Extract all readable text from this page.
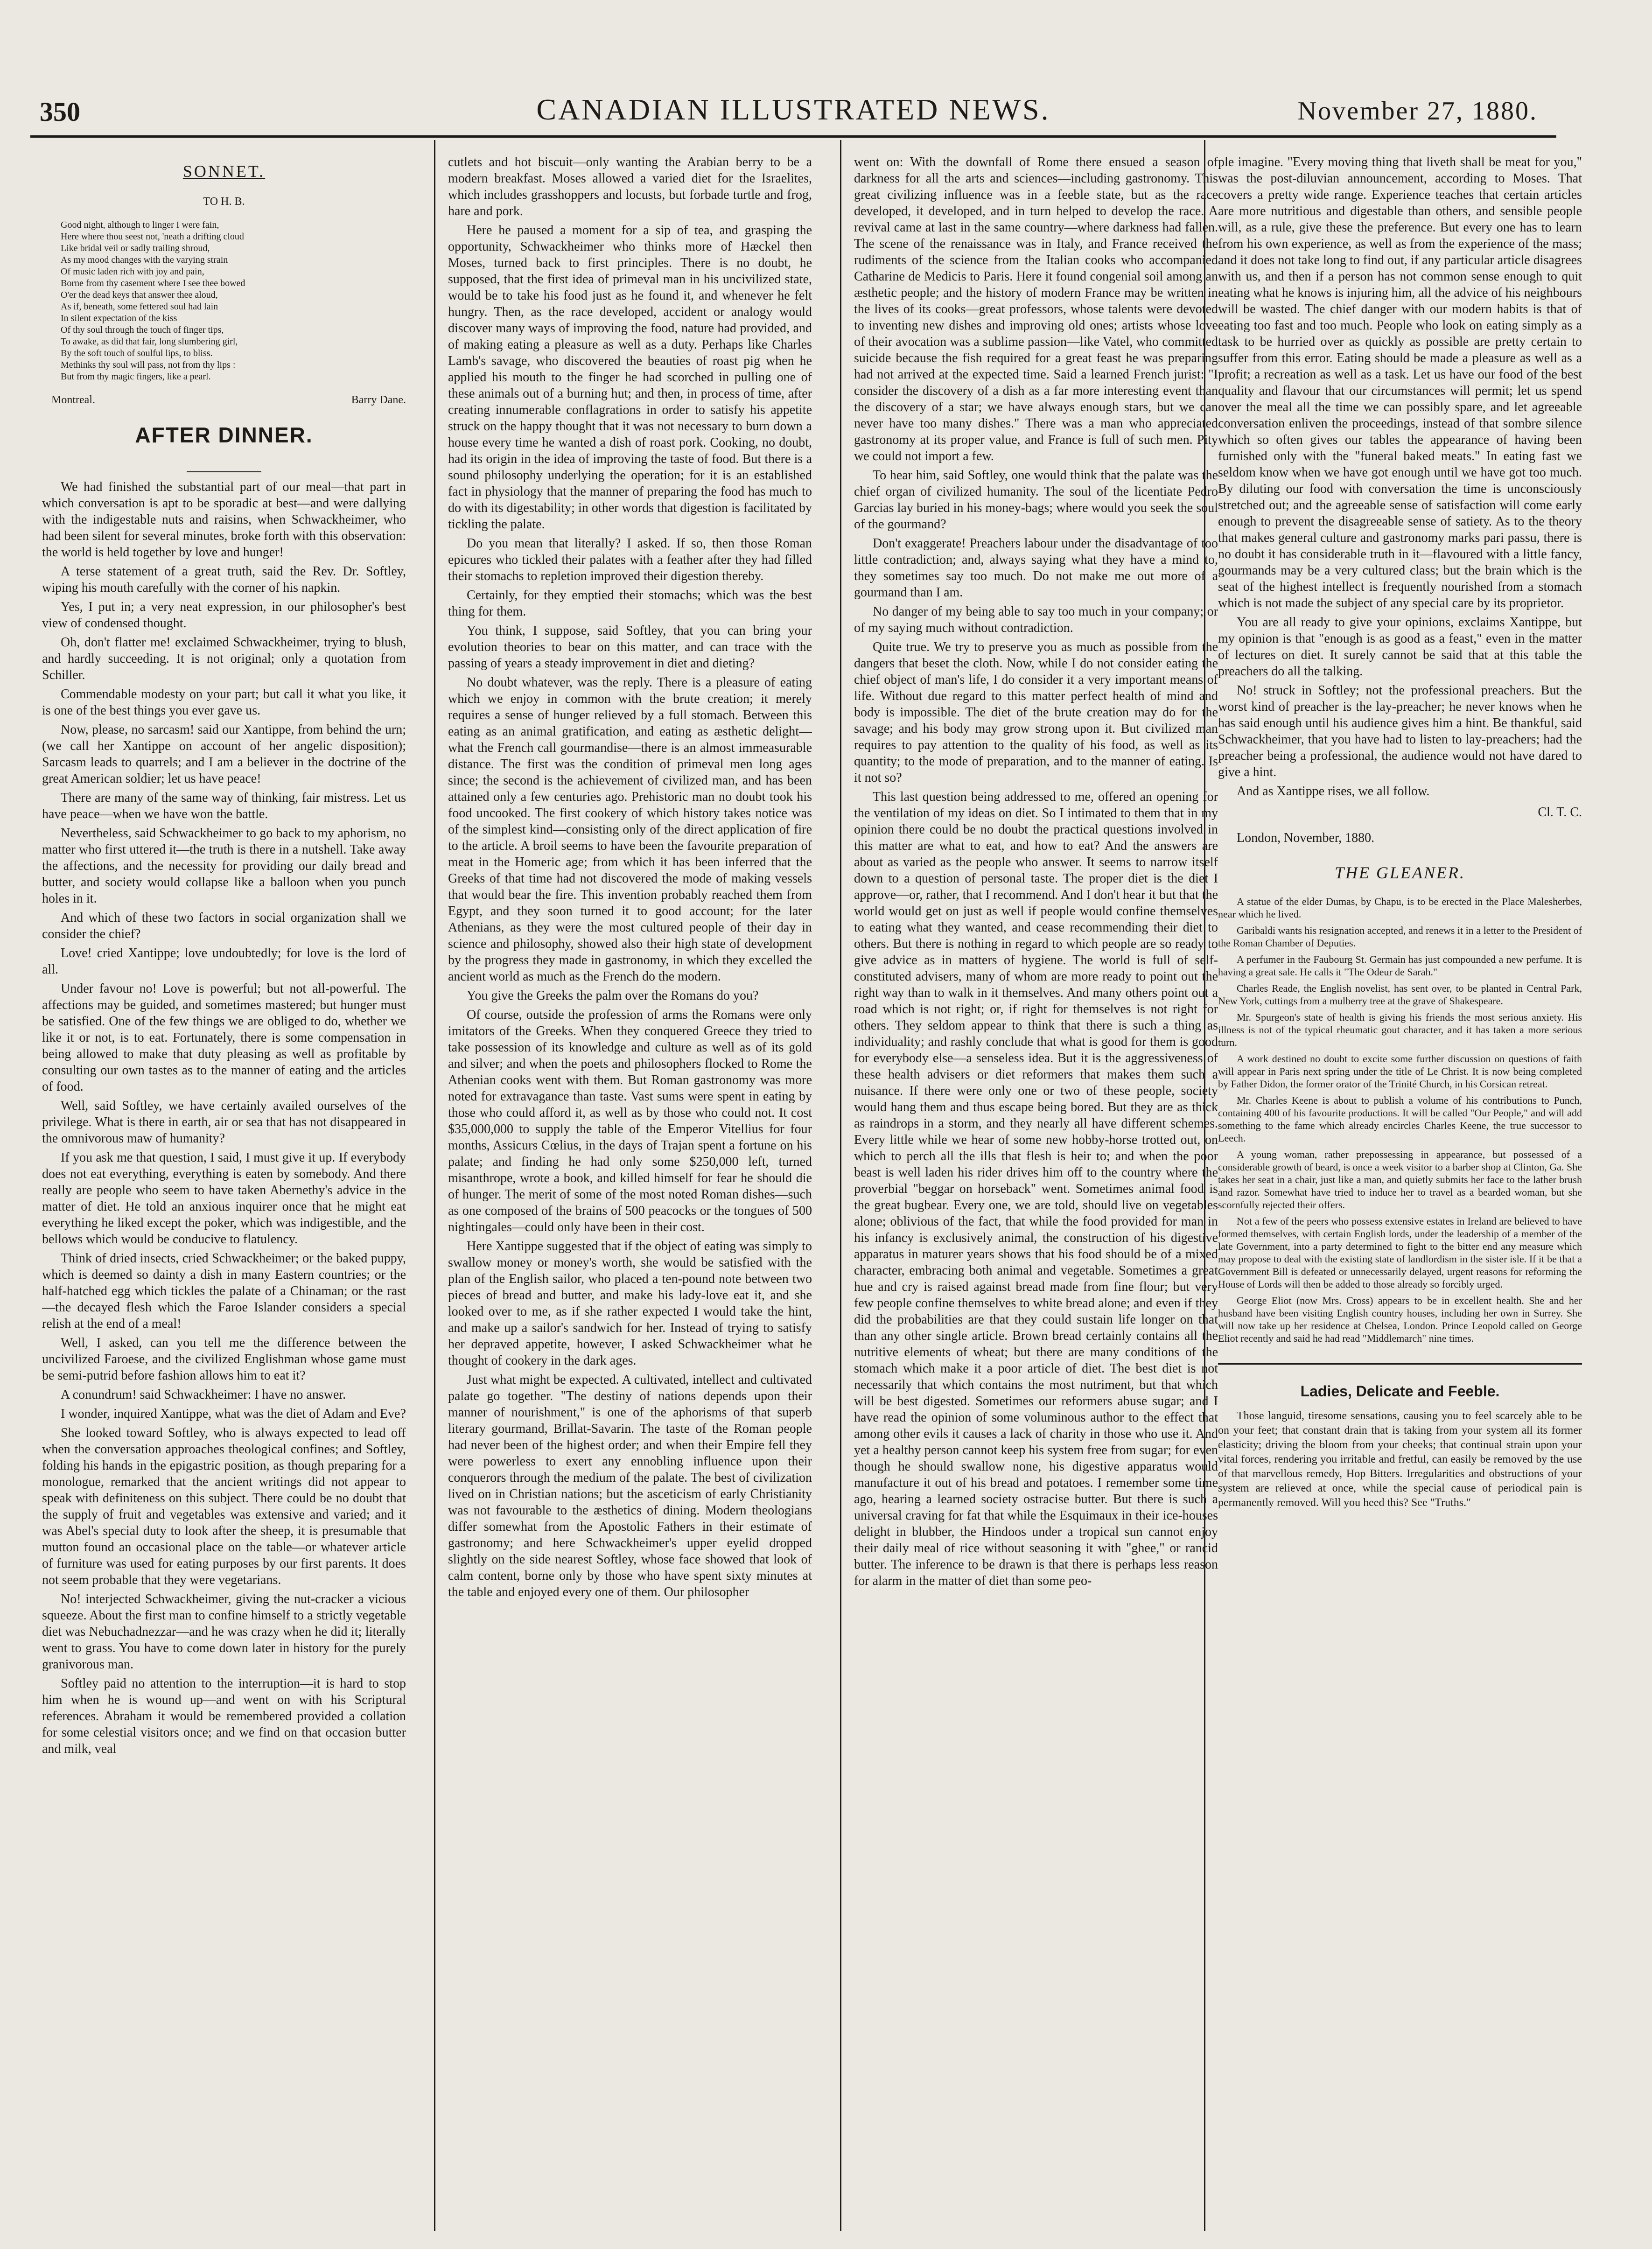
350	CANADIAN ILLUSTRATED NEWS.	November 27, 1880.
SONNET.
TO H. B.
Good night, although to linger I were fain,
Here where thou seest not, 'neath a drifting cloud
Like bridal veil or sadly trailing shroud,
As my mood changes with the varying strain
Of music laden rich with joy and pain,
Borne from thy casement where I see thee bowed
O'er the dead keys that answer thee aloud,
As if, beneath, some fettered soul had lain
In silent expectation of the kiss
Of thy soul through the touch of finger tips,
To awake, as did that fair, long slumbering girl,
By the soft touch of soulful lips, to bliss.
Methinks thy soul will pass, not from thy lips :
But from thy magic fingers, like a pearl.
Montreal.	Barry Dane.
AFTER DINNER.

We had finished the substantial part of our meal—that part in which conversation is apt to be sporadic at best—and were dallying with the indigestable nuts and raisins, when Schwackheimer, who had been silent for several minutes, broke forth with this observation: the world is held together by love and hunger!

A terse statement of a great truth, said the Rev. Dr. Softley, wiping his mouth carefully with the corner of his napkin.

Yes, I put in; a very neat expression, in our philosopher's best view of condensed thought.

Oh, don't flatter me! exclaimed Schwackheimer, trying to blush, and hardly succeeding. It is not original; only a quotation from Schiller.

Commendable modesty on your part; but call it what you like, it is one of the best things you ever gave us.

Now, please, no sarcasm! said our Xantippe, from behind the urn; (we call her Xantippe on account of her angelic disposition); Sarcasm leads to quarrels; and I am a believer in the doctrine of the great American soldier; let us have peace!

There are many of the same way of thinking, fair mistress. Let us have peace—when we have won the battle.

Nevertheless, said Schwackheimer to go back to my aphorism, no matter who first uttered it—the truth is there in a nutshell. Take away the affections, and the necessity for providing our daily bread and butter, and society would collapse like a balloon when you punch holes in it.

And which of these two factors in social organization shall we consider the chief?

Love! cried Xantippe; love undoubtedly; for love is the lord of all.

Under favour no! Love is powerful; but not all-powerful. The affections may be guided, and sometimes mastered; but hunger must be satisfied. One of the few things we are obliged to do, whether we like it or not, is to eat. Fortunately, there is some compensation in being allowed to make that duty pleasing as well as profitable by consulting our own tastes as to the manner of eating and the articles of food.

Well, said Softley, we have certainly availed ourselves of the privilege. What is there in earth, air or sea that has not disappeared in the omnivorous maw of humanity?

If you ask me that question, I said, I must give it up. If everybody does not eat everything, everything is eaten by somebody. And there really are people who seem to have taken Abernethy's advice in the matter of diet. He told an anxious inquirer once that he might eat everything he liked except the poker, which was indigestible, and the bellows which would be conducive to flatulency.

Think of dried insects, cried Schwackheimer; or the baked puppy, which is deemed so dainty a dish in many Eastern countries; or the half-hatched egg which tickles the palate of a Chinaman; or the rast—the decayed flesh which the Faroe Islander considers a special relish at the end of a meal!

Well, I asked, can you tell me the difference between the uncivilized Faroese, and the civilized Englishman whose game must be semi-putrid before fashion allows him to eat it?

A conundrum! said Schwackheimer: I have no answer.

I wonder, inquired Xantippe, what was the diet of Adam and Eve?

She looked toward Softley, who is always expected to lead off when the conversation approaches theological confines; and Softley, folding his hands in the epigastric position, as though preparing for a monologue, remarked that the ancient writings did not appear to speak with definiteness on this subject. There could be no doubt that the supply of fruit and vegetables was extensive and varied; and it was Abel's special duty to look after the sheep, it is presumable that mutton found an occasional place on the table—or whatever article of furniture was used for eating purposes by our first parents. It does not seem probable that they were vegetarians.

No! interjected Schwackheimer, giving the nut-cracker a vicious squeeze. About the first man to confine himself to a strictly vegetable diet was Nebuchadnezzar—and he was crazy when he did it; literally went to grass. You have to come down later in history for the purely granivorous man.

Softley paid no attention to the interruption—it is hard to stop him when he is wound up—and went on with his Scriptural references. Abraham it would be remembered provided a collation for some celestial visitors once; and we find on that occasion butter and milk, veal

cutlets and hot biscuit—only wanting the Arabian berry to be a modern breakfast. Moses allowed a varied diet for the Israelites, which includes grasshoppers and locusts, but forbade turtle and frog, hare and pork.

Here he paused a moment for a sip of tea, and grasping the opportunity, Schwackheimer who thinks more of Hæckel then Moses, turned back to first principles. There is no doubt, he supposed, that the first idea of primeval man in his uncivilized state, would be to take his food just as he found it, and whenever he felt hungry. Then, as the race developed, accident or analogy would discover many ways of improving the food, nature had provided, and of making eating a pleasure as well as a duty. Perhaps like Charles Lamb's savage, who discovered the beauties of roast pig when he applied his mouth to the finger he had scorched in pulling one of these animals out of a burning hut; and then, in process of time, after creating innumerable conflagrations in order to satisfy his appetite struck on the happy thought that it was not necessary to burn down a house every time he wanted a dish of roast pork. Cooking, no doubt, had its origin in the idea of improving the taste of food. But there is a sound philosophy underlying the operation; for it is an established fact in physiology that the manner of preparing the food has much to do with its digestability; in other words that digestion is facilitated by tickling the palate.

Do you mean that literally? I asked. If so, then those Roman epicures who tickled their palates with a feather after they had filled their stomachs to repletion improved their digestion thereby.

Certainly, for they emptied their stomachs; which was the best thing for them.

You think, I suppose, said Softley, that you can bring your evolution theories to bear on this matter, and can trace with the passing of years a steady improvement in diet and dieting?

No doubt whatever, was the reply. There is a pleasure of eating which we enjoy in common with the brute creation; it merely requires a sense of hunger relieved by a full stomach. Between this eating as an animal gratification, and eating as æsthetic delight—what the French call gourmandise—there is an almost immeasurable distance. The first was the condition of primeval men long ages since; the second is the achievement of civilized man, and has been attained only a few centuries ago. Prehistoric man no doubt took his food uncooked. The first cookery of which history takes notice was of the simplest kind—consisting only of the direct application of fire to the article. A broil seems to have been the favourite preparation of meat in the Homeric age; from which it has been inferred that the Greeks of that time had not discovered the mode of making vessels that would bear the fire. This invention probably reached them from Egypt, and they soon turned it to good account; for the later Athenians, as they were the most cultured people of their day in science and philosophy, showed also their high state of development by the progress they made in gastronomy, in which they excelled the ancient world as much as the French do the modern.

You give the Greeks the palm over the Romans do you?

Of course, outside the profession of arms the Romans were only imitators of the Greeks. When they conquered Greece they tried to take possession of its knowledge and culture as well as of its gold and silver; and when the poets and philosophers flocked to Rome the Athenian cooks went with them. But Roman gastronomy was more noted for extravagance than taste. Vast sums were spent in eating by those who could afford it, as well as by those who could not. It cost $35,000,000 to supply the table of the Emperor Vitellius for four months, Assicurs Cœlius, in the days of Trajan spent a fortune on his palate; and finding he had only some $250,000 left, turned misanthrope, wrote a book, and killed himself for fear he should die of hunger. The merit of some of the most noted Roman dishes—such as one composed of the brains of 500 peacocks or the tongues of 500 nightingales—could only have been in their cost.

Here Xantippe suggested that if the object of eating was simply to swallow money or money's worth, she would be satisfied with the plan of the English sailor, who placed a ten-pound note between two pieces of bread and butter, and make his lady-love eat it, and she looked over to me, as if she rather expected I would take the hint, and make up a sailor's sandwich for her. Instead of trying to satisfy her depraved appetite, however, I asked Schwackheimer what he thought of cookery in the dark ages.

Just what might be expected. A cultivated, intellect and cultivated palate go together. "The destiny of nations depends upon their manner of nourishment," is one of the aphorisms of that superb literary gourmand, Brillat-Savarin. The taste of the Roman people had never been of the highest order; and when their Empire fell they were powerless to exert any ennobling influence upon their conquerors through the medium of the palate. The best of civilization lived on in Christian nations; but the asceticism of early Christianity was not favourable to the æsthetics of dining. Modern theologians differ somewhat from the Apostolic Fathers in their estimate of gastronomy; and here Schwackheimer's upper eyelid dropped slightly on the side nearest Softley, whose face showed that look of calm content, borne only by those who have spent sixty minutes at the table and enjoyed every one of them. Our philosopher

went on: With the downfall of Rome there ensued a season of darkness for all the arts and sciences—including gastronomy. This great civilizing influence was in a feeble state, but as the race developed, it developed, and in turn helped to develop the race. A revival came at last in the same country—where darkness had fallen. The scene of the renaissance was in Italy, and France received the rudiments of the science from the Italian cooks who accompanied Catharine de Medicis to Paris. Here it found congenial soil among an æsthetic people; and the history of modern France may be written in the lives of its cooks—great professors, whose talents were devoted to inventing new dishes and improving old ones; artists whose love of their avocation was a sublime passion—like Vatel, who committed suicide because the fish required for a great feast he was preparing had not arrived at the expected time. Said a learned French jurist: "I consider the discovery of a dish as a far more interesting event than the discovery of a star; we have always enough stars, but we can never have too many dishes." There was a man who appreciated gastronomy at its proper value, and France is full of such men. Pity we could not import a few.

To hear him, said Softley, one would think that the palate was the chief organ of civilized humanity. The soul of the licentiate Pedro Garcias lay buried in his money-bags; where would you seek the soul of the gourmand?

Don't exaggerate! Preachers labour under the disadvantage of too little contradiction; and, always saying what they have a mind to, they sometimes say too much. Do not make me out more of a gourmand than I am.

No danger of my being able to say too much in your company; or of my saying much without contradiction.

Quite true. We try to preserve you as much as possible from the dangers that beset the cloth. Now, while I do not consider eating the chief object of man's life, I do consider it a very important means of life. Without due regard to this matter perfect health of mind and body is impossible. The diet of the brute creation may do for the savage; and his body may grow strong upon it. But civilized man requires to pay attention to the quality of his food, as well as its quantity; to the mode of preparation, and to the manner of eating. Is it not so?

This last question being addressed to me, offered an opening for the ventilation of my ideas on diet. So I intimated to them that in my opinion there could be no doubt the practical questions involved in this matter are what to eat, and how to eat? And the answers are about as varied as the people who answer. It seems to narrow itself down to a question of personal taste. The proper diet is the diet I approve—or, rather, that I recommend. And I don't hear it but that the world would get on just as well if people would confine themselves to eating what they wanted, and cease recommending their diet to others. But there is nothing in regard to which people are so ready to give advice as in matters of hygiene. The world is full of self-constituted advisers, many of whom are more ready to point out the right way than to walk in it themselves. And many others point out a road which is not right; or, if right for themselves is not right for others. They seldom appear to think that there is such a thing as individuality; and rashly conclude that what is good for them is good for everybody else—a senseless idea. But it is the aggressiveness of these health advisers or diet reformers that makes them such a nuisance. If there were only one or two of these people, society would hang them and thus escape being bored. But they are as thick as raindrops in a storm, and they nearly all have different schemes. Every little while we hear of some new hobby-horse trotted out, on which to perch all the ills that flesh is heir to; and when the poor beast is well laden his rider drives him off to the country where the proverbial "beggar on horseback" went. Sometimes animal food is the great bugbear. Every one, we are told, should live on vegetables alone; oblivious of the fact, that while the food provided for man in his infancy is exclusively animal, the construction of his digestive apparatus in maturer years shows that his food should be of a mixed character, embracing both animal and vegetable. Sometimes a great hue and cry is raised against bread made from fine flour; but very few people confine themselves to white bread alone; and even if they did the probabilities are that they could sustain life longer on that than any other single article. Brown bread certainly contains all the nutritive elements of wheat; but there are many conditions of the stomach which make it a poor article of diet. The best diet is not necessarily that which contains the most nutriment, but that which will be best digested. Sometimes our reformers abuse sugar; and I have read the opinion of some voluminous author to the effect that among other evils it causes a lack of charity in those who use it. And yet a healthy person cannot keep his system free from sugar; for even though he should swallow none, his digestive apparatus would manufacture it out of his bread and potatoes. I remember some time ago, hearing a learned society ostracise butter. But there is such a universal craving for fat that while the Esquimaux in their ice-houses delight in blubber, the Hindoos under a tropical sun cannot enjoy their daily meal of rice without seasoning it with "ghee," or rancid butter. The inference to be drawn is that there is perhaps less reason for alarm in the matter of diet than some peo-

ple imagine. "Every moving thing that liveth shall be meat for you," was the post-diluvian announcement, according to Moses. That covers a pretty wide range. Experience teaches that certain articles are more nutritious and digestable than others, and sensible people will, as a rule, give these the preference. But every one has to learn from his own experience, as well as from the experience of the mass; and it does not take long to find out, if any particular article disagrees with us, and then if a person has not common sense enough to quit eating what he knows is injuring him, all the advice of his neighbours will be wasted. The chief danger with our modern habits is that of eating too fast and too much. People who look on eating simply as a task to be hurried over as quickly as possible are pretty certain to suffer from this error. Eating should be made a pleasure as well as a profit; a recreation as well as a task. Let us have our food of the best quality and flavour that our circumstances will permit; let us spend over the meal all the time we can possibly spare, and let agreeable conversation enliven the proceedings, instead of that sombre silence which so often gives our tables the appearance of having been furnished only with the "funeral baked meats." In eating fast we seldom know when we have got enough until we have got too much. By diluting our food with conversation the time is unconsciously stretched out; and the agreeable sense of satisfaction will come early enough to prevent the disagreeable sense of satiety. As to the theory that makes general culture and gastronomy marks pari passu, there is no doubt it has considerable truth in it—flavoured with a little fancy, gourmands may be a very cultured class; but the brain which is the seat of the highest intellect is frequently nourished from a stomach which is not made the subject of any special care by its proprietor.

You are all ready to give your opinions, exclaims Xantippe, but my opinion is that "enough is as good as a feast," even in the matter of lectures on diet. It surely cannot be said that at this table the preachers do all the talking.

No! struck in Softley; not the professional preachers. But the worst kind of preacher is the lay-preacher; he never knows when he has said enough until his audience gives him a hint. Be thankful, said Schwackheimer, that you have had to listen to lay-preachers; had the preacher being a professional, the audience would not have dared to give a hint.

And as Xantippe rises, we all follow.

Cl. T. C.
London, November, 1880.
THE GLEANER.

A statue of the elder Dumas, by Chapu, is to be erected in the Place Malesherbes, near which he lived.

Garibaldi wants his resignation accepted, and renews it in a letter to the President of the Roman Chamber of Deputies.

A perfumer in the Faubourg St. Germain has just compounded a new perfume. It is having a great sale. He calls it "The Odeur de Sarah."

Charles Reade, the English novelist, has sent over, to be planted in Central Park, New York, cuttings from a mulberry tree at the grave of Shakespeare.

Mr. Spurgeon's state of health is giving his friends the most serious anxiety. His illness is not of the typical rheumatic gout character, and it has taken a more serious turn.

A work destined no doubt to excite some further discussion on questions of faith will appear in Paris next spring under the title of Le Christ. It is now being completed by Father Didon, the former orator of the Trinité Church, in his Corsican retreat.

Mr. Charles Keene is about to publish a volume of his contributions to Punch, containing 400 of his favourite productions. It will be called "Our People," and will add something to the fame which already encircles Charles Keene, the true successor to Leech.

A young woman, rather prepossessing in appearance, but possessed of a considerable growth of beard, is once a week visitor to a barber shop at Clinton, Ga. She takes her seat in a chair, just like a man, and quietly submits her face to the lather brush and razor. Somewhat have tried to induce her to travel as a bearded woman, but she scornfully rejected their offers.

Not a few of the peers who possess extensive estates in Ireland are believed to have formed themselves, with certain English lords, under the leadership of a member of the late Government, into a party determined to fight to the bitter end any measure which may propose to deal with the existing state of landlordism in the sister isle. If it be that a Government Bill is defeated or unnecessarily delayed, urgent reasons for reforming the House of Lords will then be added to those already so forcibly urged.

George Eliot (now Mrs. Cross) appears to be in excellent health. She and her husband have been visiting English country houses, including her own in Surrey. She will now take up her residence at Chelsea, London. Prince Leopold called on George Eliot recently and said he had read "Middlemarch" nine times.

Ladies, Delicate and Feeble.

Those languid, tiresome sensations, causing you to feel scarcely able to be on your feet; that constant drain that is taking from your system all its former elasticity; driving the bloom from your cheeks; that continual strain upon your vital forces, rendering you irritable and fretful, can easily be removed by the use of that marvellous remedy, Hop Bitters. Irregularities and obstructions of your system are relieved at once, while the special cause of periodical pain is permanently removed. Will you heed this? See "Truths."
